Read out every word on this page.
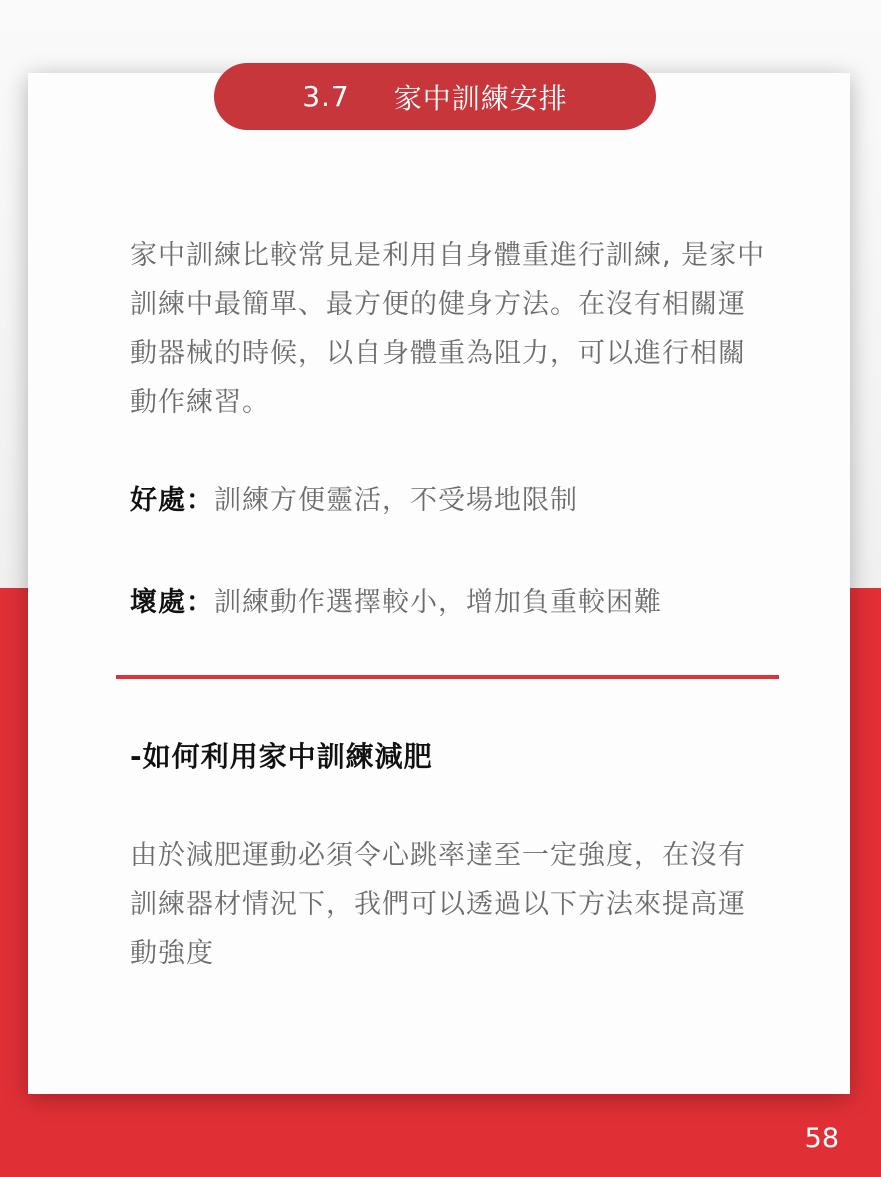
3.7 家中訓練安排
家中訓練比較常見是利用自身體重進行訓練, 是家中訓練中最簡單、最方便的健身方法。在沒有相關運動器械的時候，以自身體重為阻力，可以進行相關動作練習。
好處：訓練方便靈活，不受場地限制
壞處：訓練動作選擇較小，增加負重較困難
-如何利用家中訓練減肥
由於減肥運動必須令心跳率達至一定強度，在沒有訓練器材情況下，我們可以透過以下方法來提高運動強度
58
